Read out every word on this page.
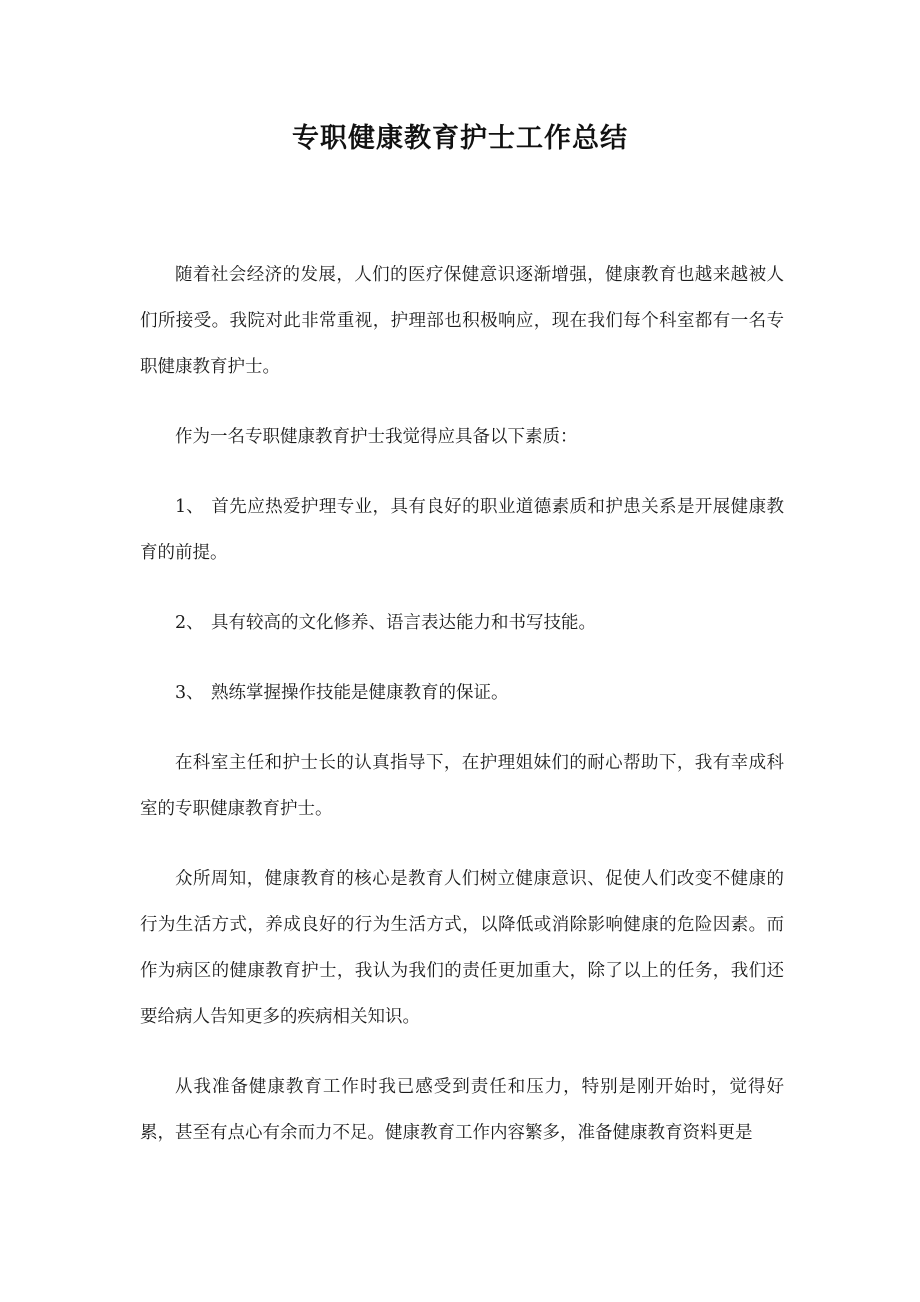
专职健康教育护士工作总结

随着社会经济的发展，人们的医疗保健意识逐渐增强，健康教育也越来越被人们所接受。我院对此非常重视，护理部也积极响应，现在我们每个科室都有一名专职健康教育护士。

作为一名专职健康教育护士我觉得应具备以下素质：

1、 首先应热爱护理专业，具有良好的职业道德素质和护患关系是开展健康教育的前提。

2、 具有较高的文化修养、语言表达能力和书写技能。

3、 熟练掌握操作技能是健康教育的保证。

在科室主任和护士长的认真指导下，在护理姐妹们的耐心帮助下，我有幸成科室的专职健康教育护士。

众所周知，健康教育的核心是教育人们树立健康意识、促使人们改变不健康的行为生活方式，养成良好的行为生活方式，以降低或消除影响健康的危险因素。而作为病区的健康教育护士，我认为我们的责任更加重大，除了以上的任务，我们还要给病人告知更多的疾病相关知识。

从我准备健康教育工作时我已感受到责任和压力，特别是刚开始时，觉得好累，甚至有点心有余而力不足。健康教育工作内容繁多，准备健康教育资料更是
